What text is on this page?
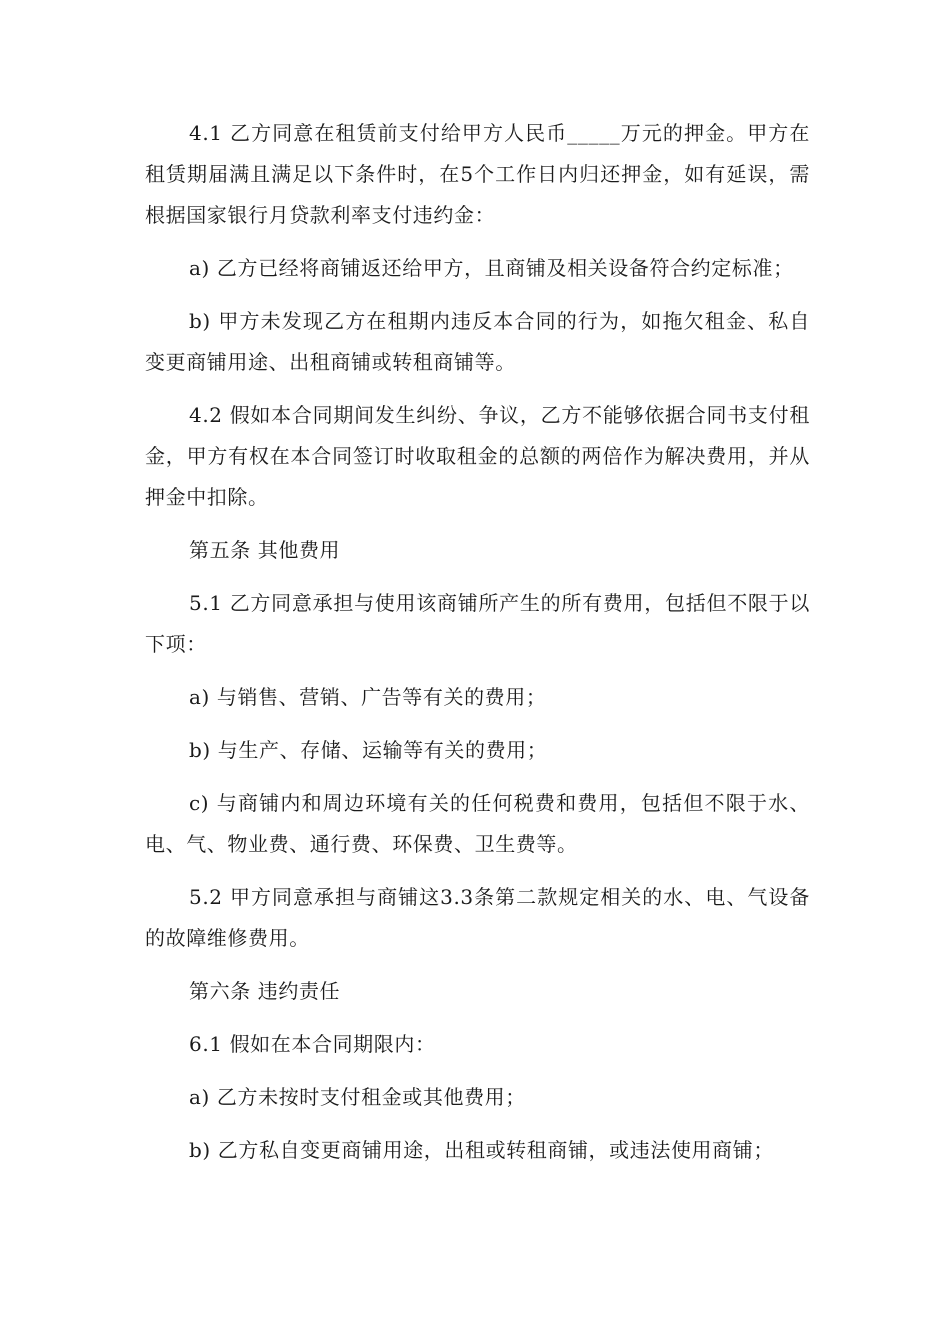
4.1 乙方同意在租赁前支付给甲方人民币_____万元的押金。甲方在租赁期届满且满足以下条件时，在5个工作日内归还押金，如有延误，需根据国家银行月贷款利率支付违约金：

a) 乙方已经将商铺返还给甲方，且商铺及相关设备符合约定标准；

b) 甲方未发现乙方在租期内违反本合同的行为，如拖欠租金、私自变更商铺用途、出租商铺或转租商铺等。

4.2 假如本合同期间发生纠纷、争议，乙方不能够依据合同书支付租金，甲方有权在本合同签订时收取租金的总额的两倍作为解决费用，并从押金中扣除。

第五条 其他费用

5.1 乙方同意承担与使用该商铺所产生的所有费用，包括但不限于以下项：

a) 与销售、营销、广告等有关的费用；

b) 与生产、存储、运输等有关的费用；

c) 与商铺内和周边环境有关的任何税费和费用，包括但不限于水、电、气、物业费、通行费、环保费、卫生费等。

5.2 甲方同意承担与商铺这3.3条第二款规定相关的水、电、气设备的故障维修费用。

第六条 违约责任

6.1 假如在本合同期限内：

a) 乙方未按时支付租金或其他费用；

b) 乙方私自变更商铺用途，出租或转租商铺，或违法使用商铺；
